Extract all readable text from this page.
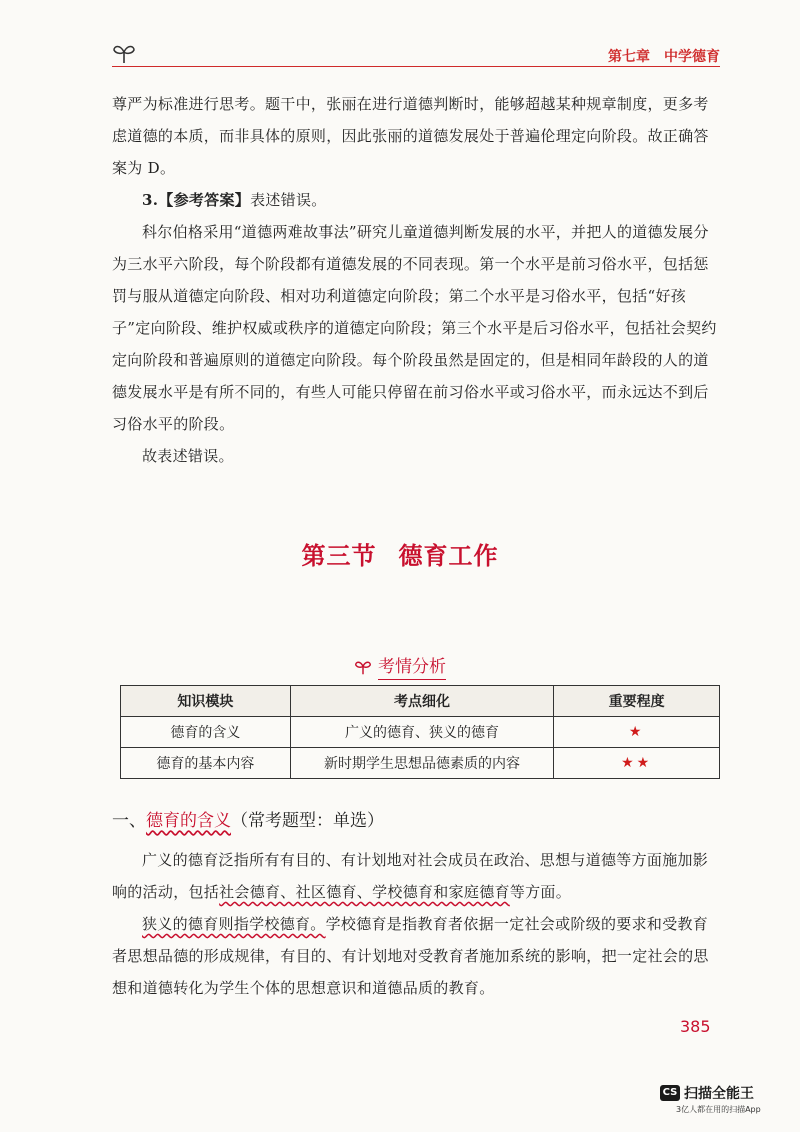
第七章 中学德育

尊严为标准进行思考。题干中，张丽在进行道德判断时，能够超越某种规章制度，更多考虑道德的本质，而非具体的原则，因此张丽的道德发展处于普遍伦理定向阶段。故正确答案为 D。

3.【参考答案】表述错误。

科尔伯格采用“道德两难故事法”研究儿童道德判断发展的水平，并把人的道德发展分为三水平六阶段，每个阶段都有道德发展的不同表现。第一个水平是前习俗水平，包括惩罚与服从道德定向阶段、相对功利道德定向阶段；第二个水平是习俗水平，包括“好孩子”定向阶段、维护权威或秩序的道德定向阶段；第三个水平是后习俗水平，包括社会契约定向阶段和普遍原则的道德定向阶段。每个阶段虽然是固定的，但是相同年龄段的人的道德发展水平是有所不同的，有些人可能只停留在前习俗水平或习俗水平，而永远达不到后习俗水平的阶段。

故表述错误。

第三节 德育工作
考情分析
知识模块	考点细化	重要程度
德育的含义	广义的德育、狭义的德育	★
德育的基本内容	新时期学生思想品德素质的内容	★★
一、德育的含义（常考题型：单选）

广义的德育泛指所有有目的、有计划地对社会成员在政治、思想与道德等方面施加影响的活动，包括社会德育、社区德育、学校德育和家庭德育等方面。

狭义的德育则指学校德育。学校德育是指教育者依据一定社会或阶级的要求和受教育者思想品德的形成规律，有目的、有计划地对受教育者施加系统的影响，把一定社会的思想和道德转化为学生个体的思想意识和道德品质的教育。

385
CS 扫描全能王
3亿人都在用的扫描App
